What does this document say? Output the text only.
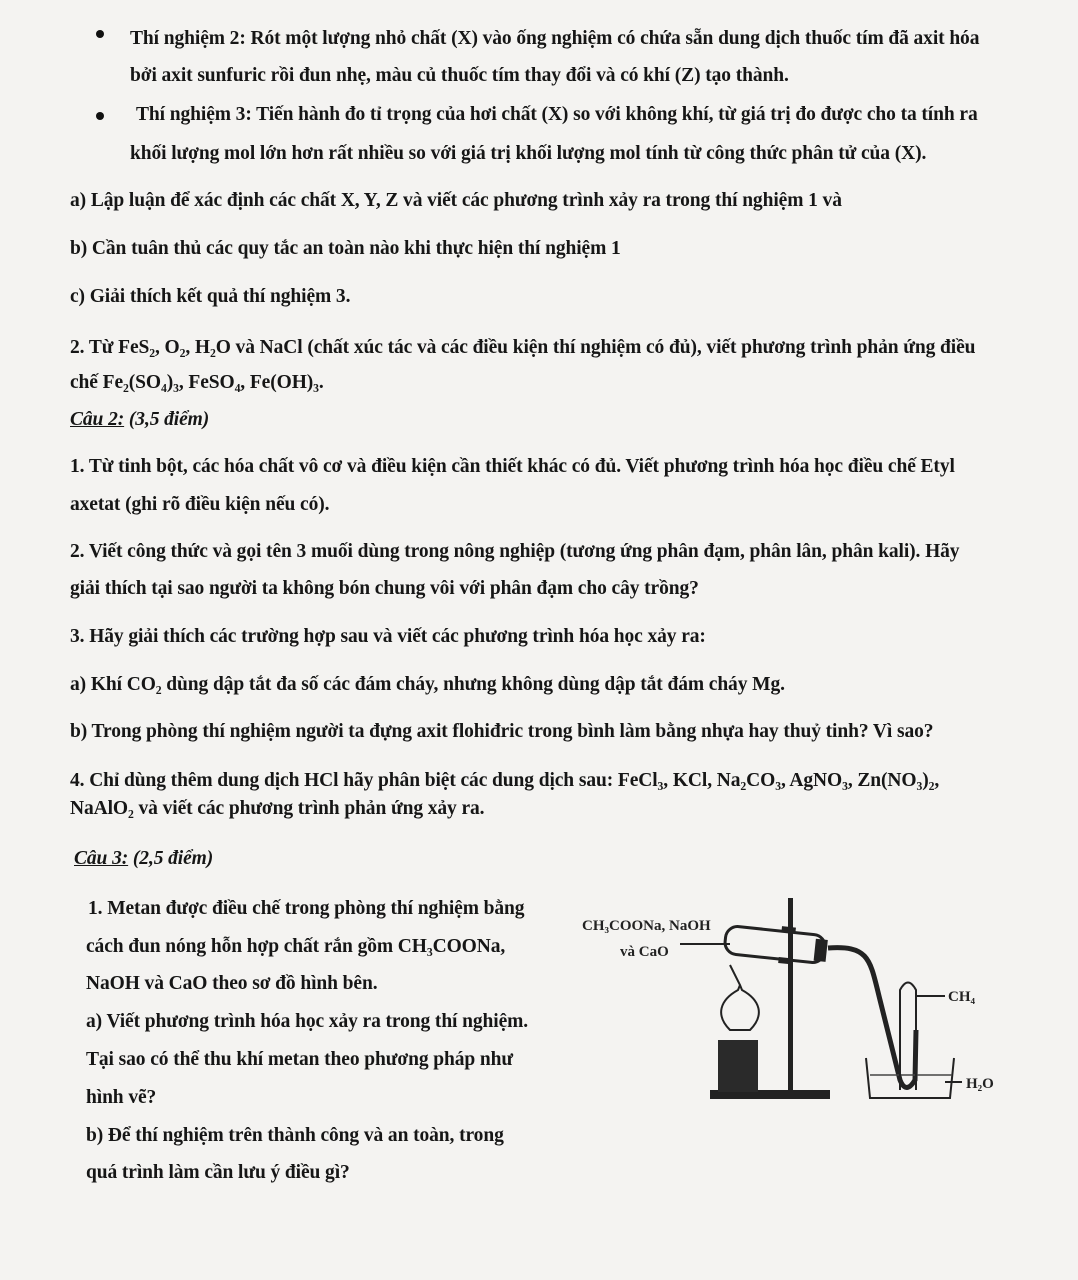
Thí nghiệm 2: Rót một lượng nhỏ chất (X) vào ống nghiệm có chứa sẵn dung dịch thuốc tím đã axit hóa
bởi axit sunfuric rồi đun nhẹ, màu củ thuốc tím thay đổi và có khí (Z) tạo thành.
Thí nghiệm 3: Tiến hành đo tỉ trọng của hơi chất (X) so với không khí, từ giá trị đo được cho ta tính ra
khối lượng mol lớn hơn rất nhiều so với giá trị khối lượng mol tính từ công thức phân tử của (X).
a) Lập luận để xác định các chất X, Y, Z và viết các phương trình xảy ra trong thí nghiệm 1 và
b) Cần tuân thủ các quy tắc an toàn nào khi thực hiện thí nghiệm 1
c) Giải thích kết quả thí nghiệm 3.
2. Từ FeS₂, O₂, H₂O và NaCl (chất xúc tác và các điều kiện thí nghiệm có đủ), viết phương trình phản ứng điều
chế Fe₂(SO₄)₃, FeSO₄, Fe(OH)₃.
Câu 2: (3,5 điểm)
1. Từ tinh bột, các hóa chất vô cơ và điều kiện cần thiết khác có đủ. Viết phương trình hóa học điều chế Etyl
axetat (ghi rõ điều kiện nếu có).
2. Viết công thức và gọi tên 3 muối dùng trong nông nghiệp (tương ứng phân đạm, phân lân, phân kali). Hãy
giải thích tại sao người ta không bón chung vôi với phân đạm cho cây trồng?
3. Hãy giải thích các trường hợp sau và viết các phương trình hóa học xảy ra:
a) Khí CO₂ dùng dập tắt đa số các đám cháy, nhưng không dùng dập tắt đám cháy Mg.
b) Trong phòng thí nghiệm người ta đựng axit flohiđric trong bình làm bằng nhựa hay thuỷ tinh? Vì sao?
4. Chỉ dùng thêm dung dịch HCl hãy phân biệt các dung dịch sau: FeCl₃, KCl, Na₂CO₃, AgNO₃, Zn(NO₃)₂,
NaAlO₂ và viết các phương trình phản ứng xảy ra.
Câu 3: (2,5 điểm)
1. Metan được điều chế trong phòng thí nghiệm bằng
cách đun nóng hỗn hợp chất rắn gồm CH₃COONa,
NaOH và CaO theo sơ đồ hình bên.
a) Viết phương trình hóa học xảy ra trong thí nghiệm.
Tại sao có thể thu khí metan theo phương pháp như
hình vẽ?
b) Để thí nghiệm trên thành công và an toàn, trong
quá trình làm cần lưu ý điều gì?
CH₃COONa, NaOH
và CaO
CH₄
H₂O
